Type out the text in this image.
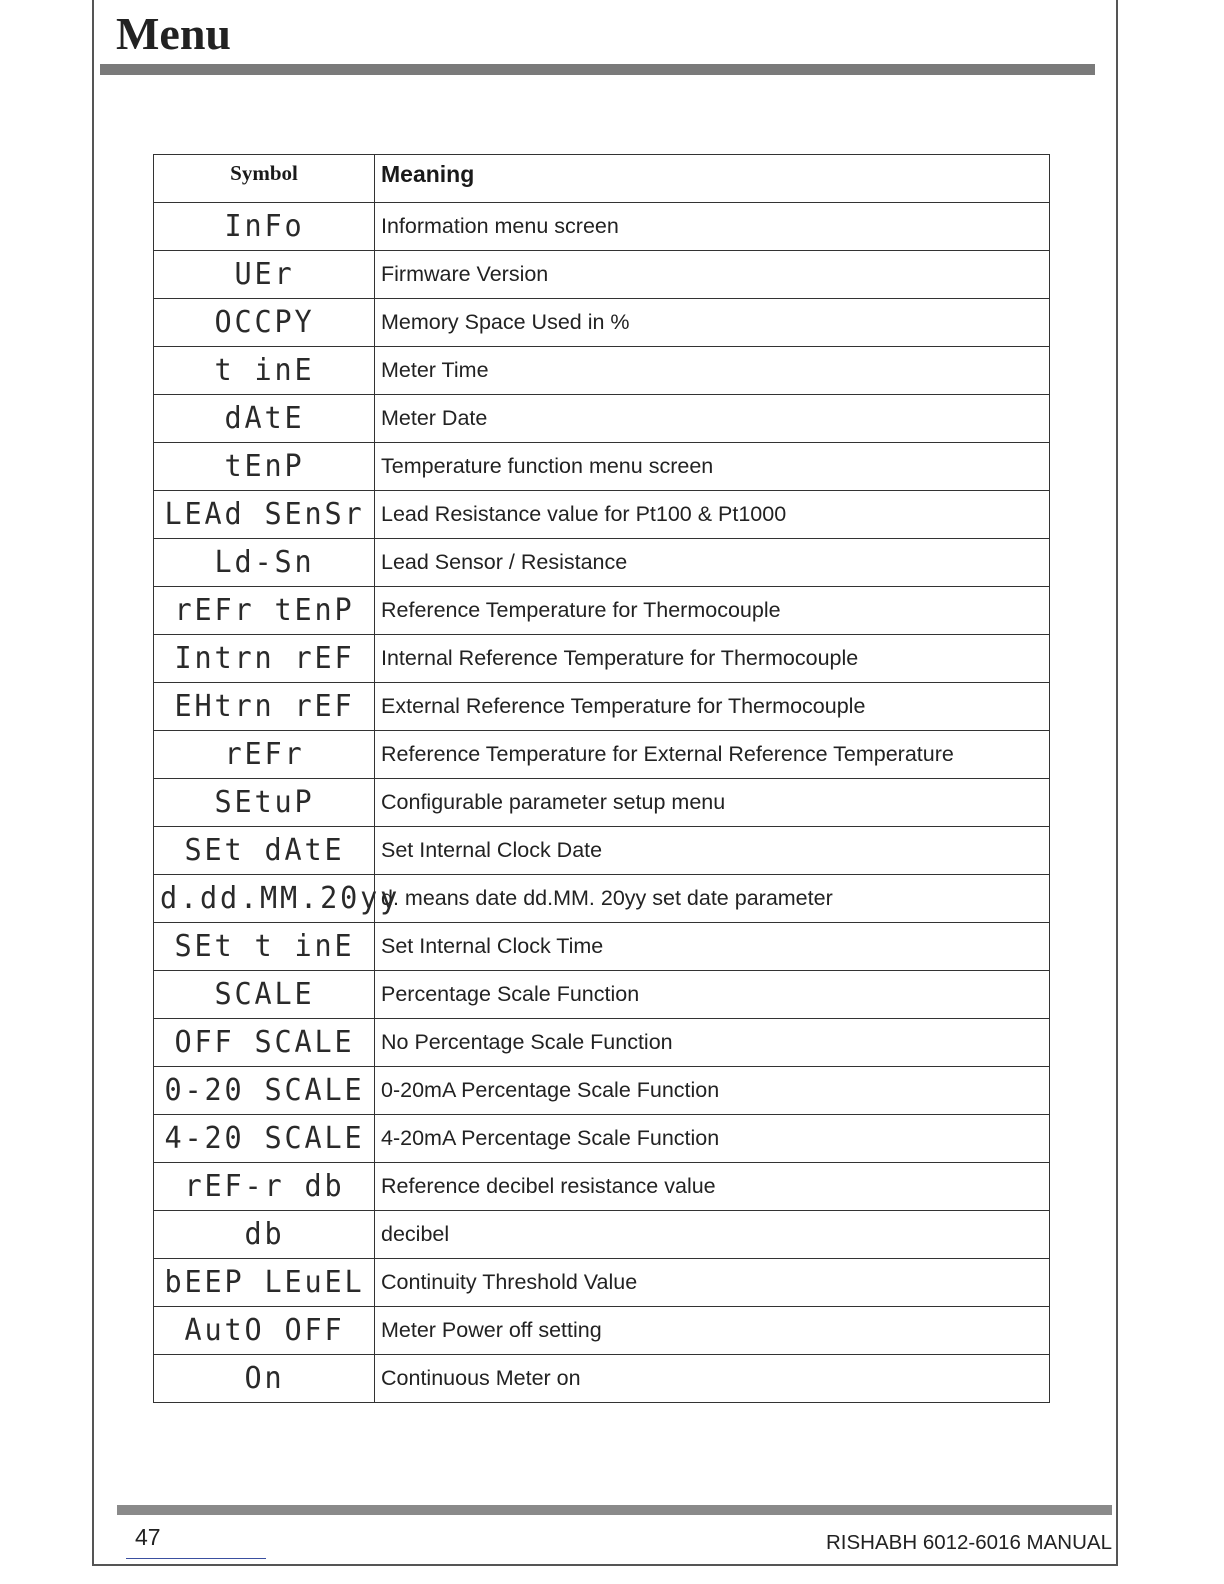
Menu
Symbol	Meaning
InFo	Information menu screen
UEr	Firmware Version
OCCPY	Memory Space Used in %
t inE	Meter Time
dAtE	Meter Date
tEnP	Temperature function menu screen
LEAd SEnSr	Lead Resistance value for Pt100 & Pt1000
Ld-Sn	Lead Sensor / Resistance
rEFr tEnP	Reference Temperature for Thermocouple
Intrn rEF	Internal Reference Temperature for Thermocouple
EHtrn rEF	External Reference Temperature for Thermocouple
rEFr	Reference Temperature for External Reference Temperature
SEtuP	Configurable parameter setup menu
SEt dAtE	Set Internal Clock Date
d.dd.MM.20yy	d. means date dd.MM. 20yy set date parameter
SEt t inE	Set Internal Clock Time
SCALE	Percentage Scale Function
OFF SCALE	No Percentage Scale Function
0-20 SCALE	0-20mA Percentage Scale Function
4-20 SCALE	4-20mA Percentage Scale Function
rEF-r db	Reference decibel resistance value
db	decibel
bEEP LEuEL	Continuity Threshold Value
AutO OFF	Meter Power off setting
On	Continuous Meter on
47	RISHABH 6012-6016 MANUAL
